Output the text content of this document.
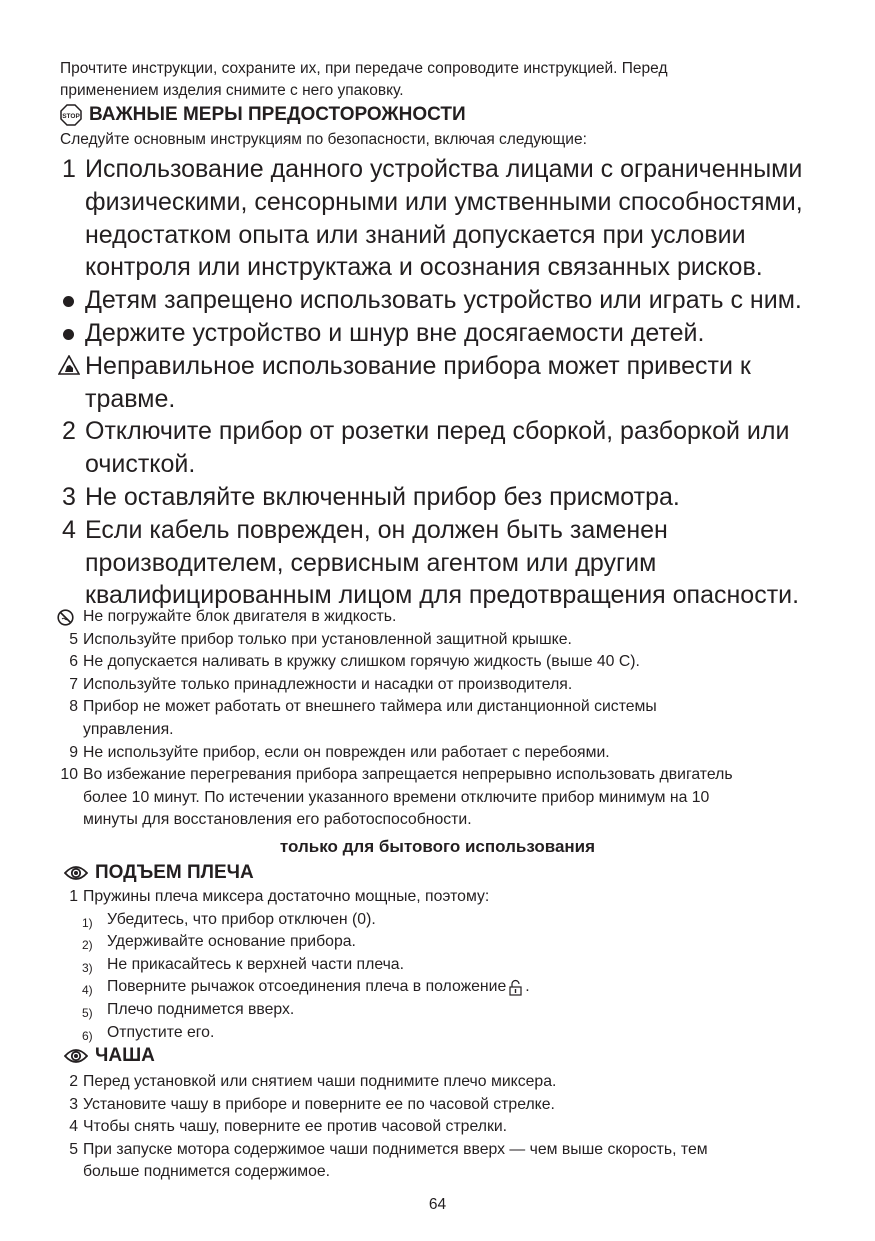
Прочтите инструкции, сохраните их, при передаче сопроводите инструкцией. Перед
применением изделия снимите с него упаковку.
STOP ВАЖНЫЕ МЕРЫ ПРЕДОСТОРОЖНОСТИ
Следуйте основным инструкциям по безопасности, включая следующие:
1 Использование данного устройства лицами с ограниченными
физическими, сенсорными или умственными способностями,
недостатком опыта или знаний допускается при условии
контроля или инструктажа и осознания связанных рисков.
Детям запрещено использовать устройство или играть с ним.
Держите устройство и шнур вне досягаемости детей.
Неправильное использование прибора может привести к
травме.
2 Отключите прибор от розетки перед сборкой, разборкой или
очисткой.
3 Не оставляйте включенный прибор без присмотра.
4 Если кабель поврежден, он должен быть заменен
производителем, сервисным агентом или другим
квалифицированным лицом для предотвращения опасности.
Не погружайте блок двигателя в жидкость.
5 Используйте прибор только при установленной защитной крышке.
6 Не допускается наливать в кружку слишком горячую жидкость (выше 40 С).
7 Используйте только принадлежности и насадки от производителя.
8 Прибор не может работать от внешнего таймера или дистанционной системы
управления.
9 Не используйте прибор, если он поврежден или работает с перебоями.
10 Во избежание перегревания прибора запрещается непрерывно использовать двигатель
более 10 минут. По истечении указанного времени отключите прибор минимум на 10
минуты для восстановления его работоспособности.
только для бытового использования
ПОДЪЕМ ПЛЕЧА
1 Пружины плеча миксера достаточно мощные, поэтому:
1) Убедитесь, что прибор отключен (0).
2) Удерживайте основание прибора.
3) Не прикасайтесь к верхней части плеча.
4) Поверните рычажок отсоединения плеча в положение .
5) Плечо поднимется вверх.
6) Отпустите его.
ЧАША
2 Перед установкой или снятием чаши поднимите плечо миксера.
3 Установите чашу в приборе и поверните ее по часовой стрелке.
4 Чтобы снять чашу, поверните ее против часовой стрелки.
5 При запуске мотора содержимое чаши поднимется вверх — чем выше скорость, тем
больше поднимется содержимое.
64
